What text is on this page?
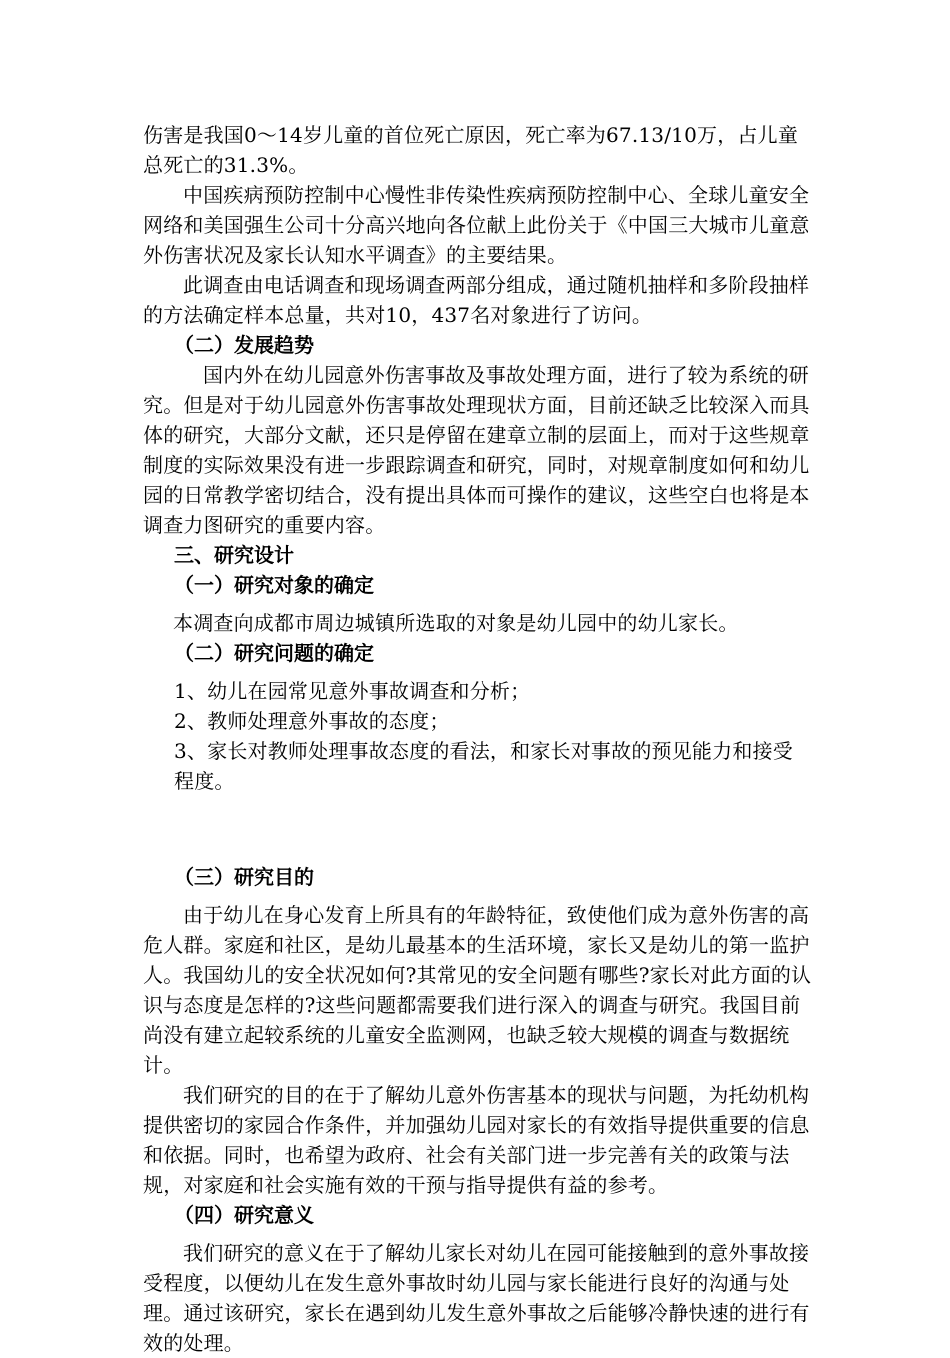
伤害是我国0～14岁儿童的首位死亡原因，死亡率为67.13/10万，占儿童总死亡的31.3%。

中国疾病预防控制中心慢性非传染性疾病预防控制中心、全球儿童安全网络和美国强生公司十分高兴地向各位献上此份关于《中国三大城市儿童意外伤害状况及家长认知水平调查》的主要结果。

此调查由电话调查和现场调查两部分组成，通过随机抽样和多阶段抽样的方法确定样本总量，共对10，437名对象进行了访问。

（二）发展趋势

国内外在幼儿园意外伤害事故及事故处理方面，进行了较为系统的研究。但是对于幼儿园意外伤害事故处理现状方面，目前还缺乏比较深入而具体的研究，大部分文献，还只是停留在建章立制的层面上，而对于这些规章制度的实际效果没有进一步跟踪调查和研究，同时，对规章制度如何和幼儿园的日常教学密切结合，没有提出具体而可操作的建议，这些空白也将是本调查力图研究的重要内容。

三、研究设计
（一）研究对象的确定

本凋查向成都市周边城镇所选取的对象是幼儿园中的幼儿家长。

（二）研究问题的确定

1、幼儿在园常见意外事故调查和分析；

2、教师处理意外事故的态度；

3、家长对教师处理事故态度的看法，和家长对事故的预见能力和接受程度。

（三）研究目的

由于幼儿在身心发育上所具有的年龄特征，致使他们成为意外伤害的高危人群。家庭和社区，是幼儿最基本的生活环境，家长又是幼儿的第一监护人。我国幼儿的安全状况如何?其常见的安全问题有哪些?家长对此方面的认识与态度是怎样的?这些问题都需要我们进行深入的调查与研究。我国目前尚没有建立起较系统的儿童安全监测网，也缺乏较大规模的调查与数据统计。

我们研究的目的在于了解幼儿意外伤害基本的现状与问题，为托幼机构提供密切的家园合作条件，并加强幼儿园对家长的有效指导提供重要的信息和依据。同时，也希望为政府、社会有关部门进一步完善有关的政策与法规，对家庭和社会实施有效的干预与指导提供有益的参考。

（四）研究意义

我们研究的意义在于了解幼儿家长对幼儿在园可能接触到的意外事故接受程度，以便幼儿在发生意外事故时幼儿园与家长能进行良好的沟通与处理。通过该研究，家长在遇到幼儿发生意外事故之后能够冷静快速的进行有效的处理。
